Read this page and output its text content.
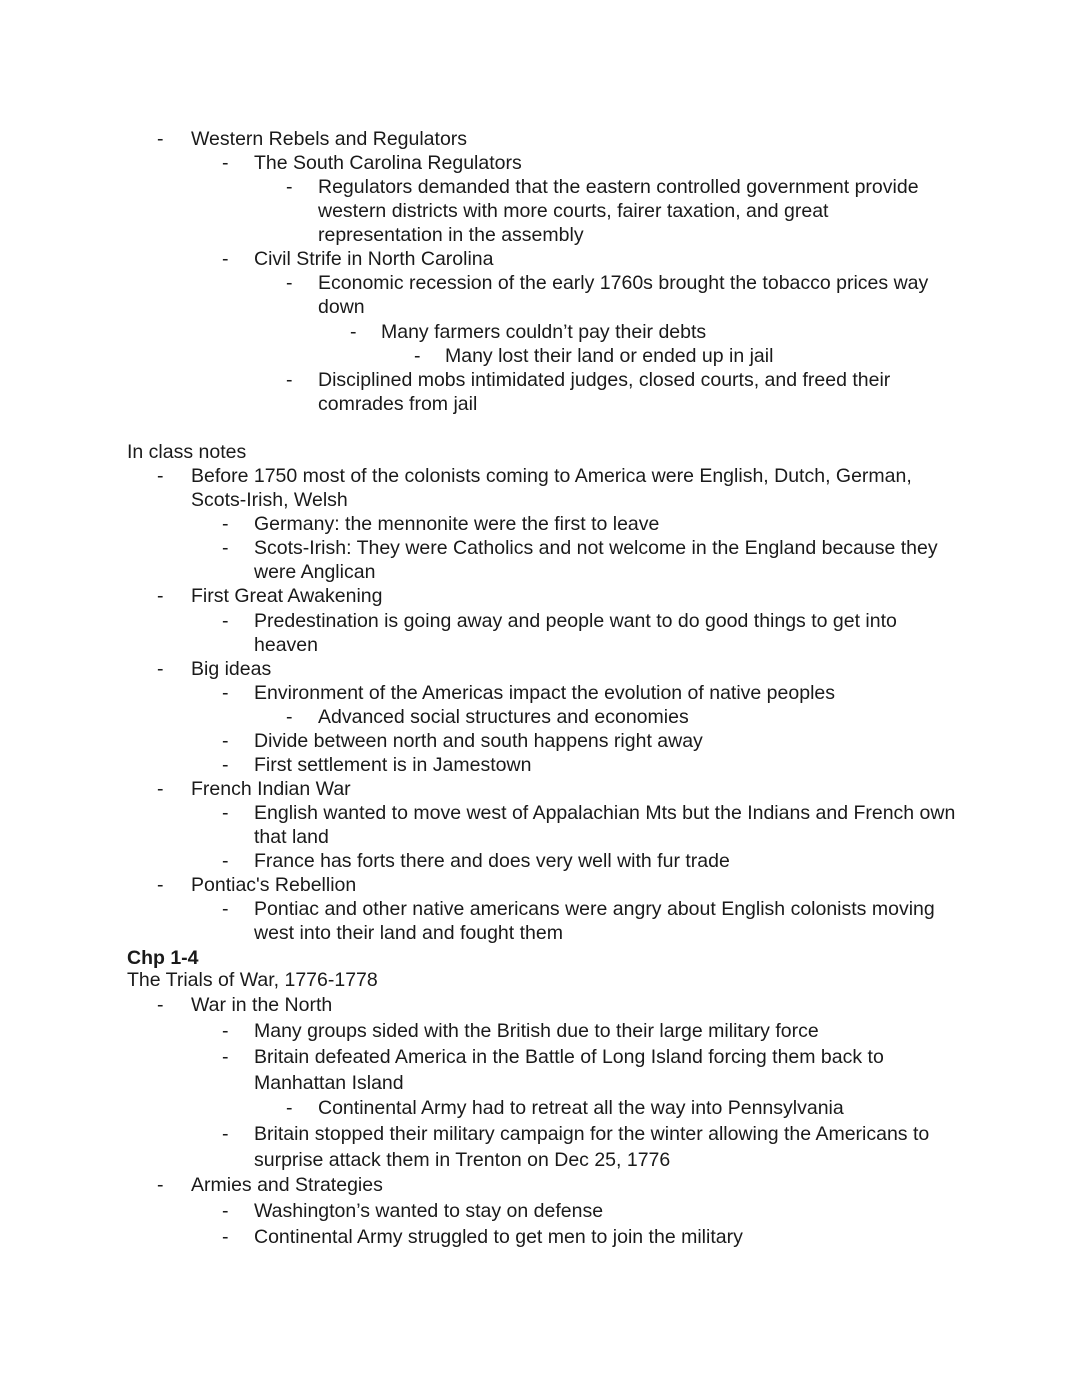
- Western Rebels and Regulators
- The South Carolina Regulators
- Regulators demanded that the eastern controlled government provide
western districts with more courts, fairer taxation, and great
representation in the assembly
- Civil Strife in North Carolina
- Economic recession of the early 1760s brought the tobacco prices way
down
- Many farmers couldn’t pay their debts
- Many lost their land or ended up in jail
- Disciplined mobs intimidated judges, closed courts, and freed their
comrades from jail
In class notes
- Before 1750 most of the colonists coming to America were English, Dutch, German,
Scots-Irish, Welsh
- Germany: the mennonite were the first to leave
- Scots-Irish: They were Catholics and not welcome in the England because they
were Anglican
- First Great Awakening
- Predestination is going away and people want to do good things to get into
heaven
- Big ideas
- Environment of the Americas impact the evolution of native peoples
- Advanced social structures and economies
- Divide between north and south happens right away
- First settlement is in Jamestown
- French Indian War
- English wanted to move west of Appalachian Mts but the Indians and French own
that land
- France has forts there and does very well with fur trade
- Pontiac's Rebellion
- Pontiac and other native americans were angry about English colonists moving
west into their land and fought them
Chp 1-4
The Trials of War, 1776-1778
- War in the North
- Many groups sided with the British due to their large military force
- Britain defeated America in the Battle of Long Island forcing them back to
Manhattan Island
- Continental Army had to retreat all the way into Pennsylvania
- Britain stopped their military campaign for the winter allowing the Americans to
surprise attack them in Trenton on Dec 25, 1776
- Armies and Strategies
- Washington’s wanted to stay on defense
- Continental Army struggled to get men to join the military
